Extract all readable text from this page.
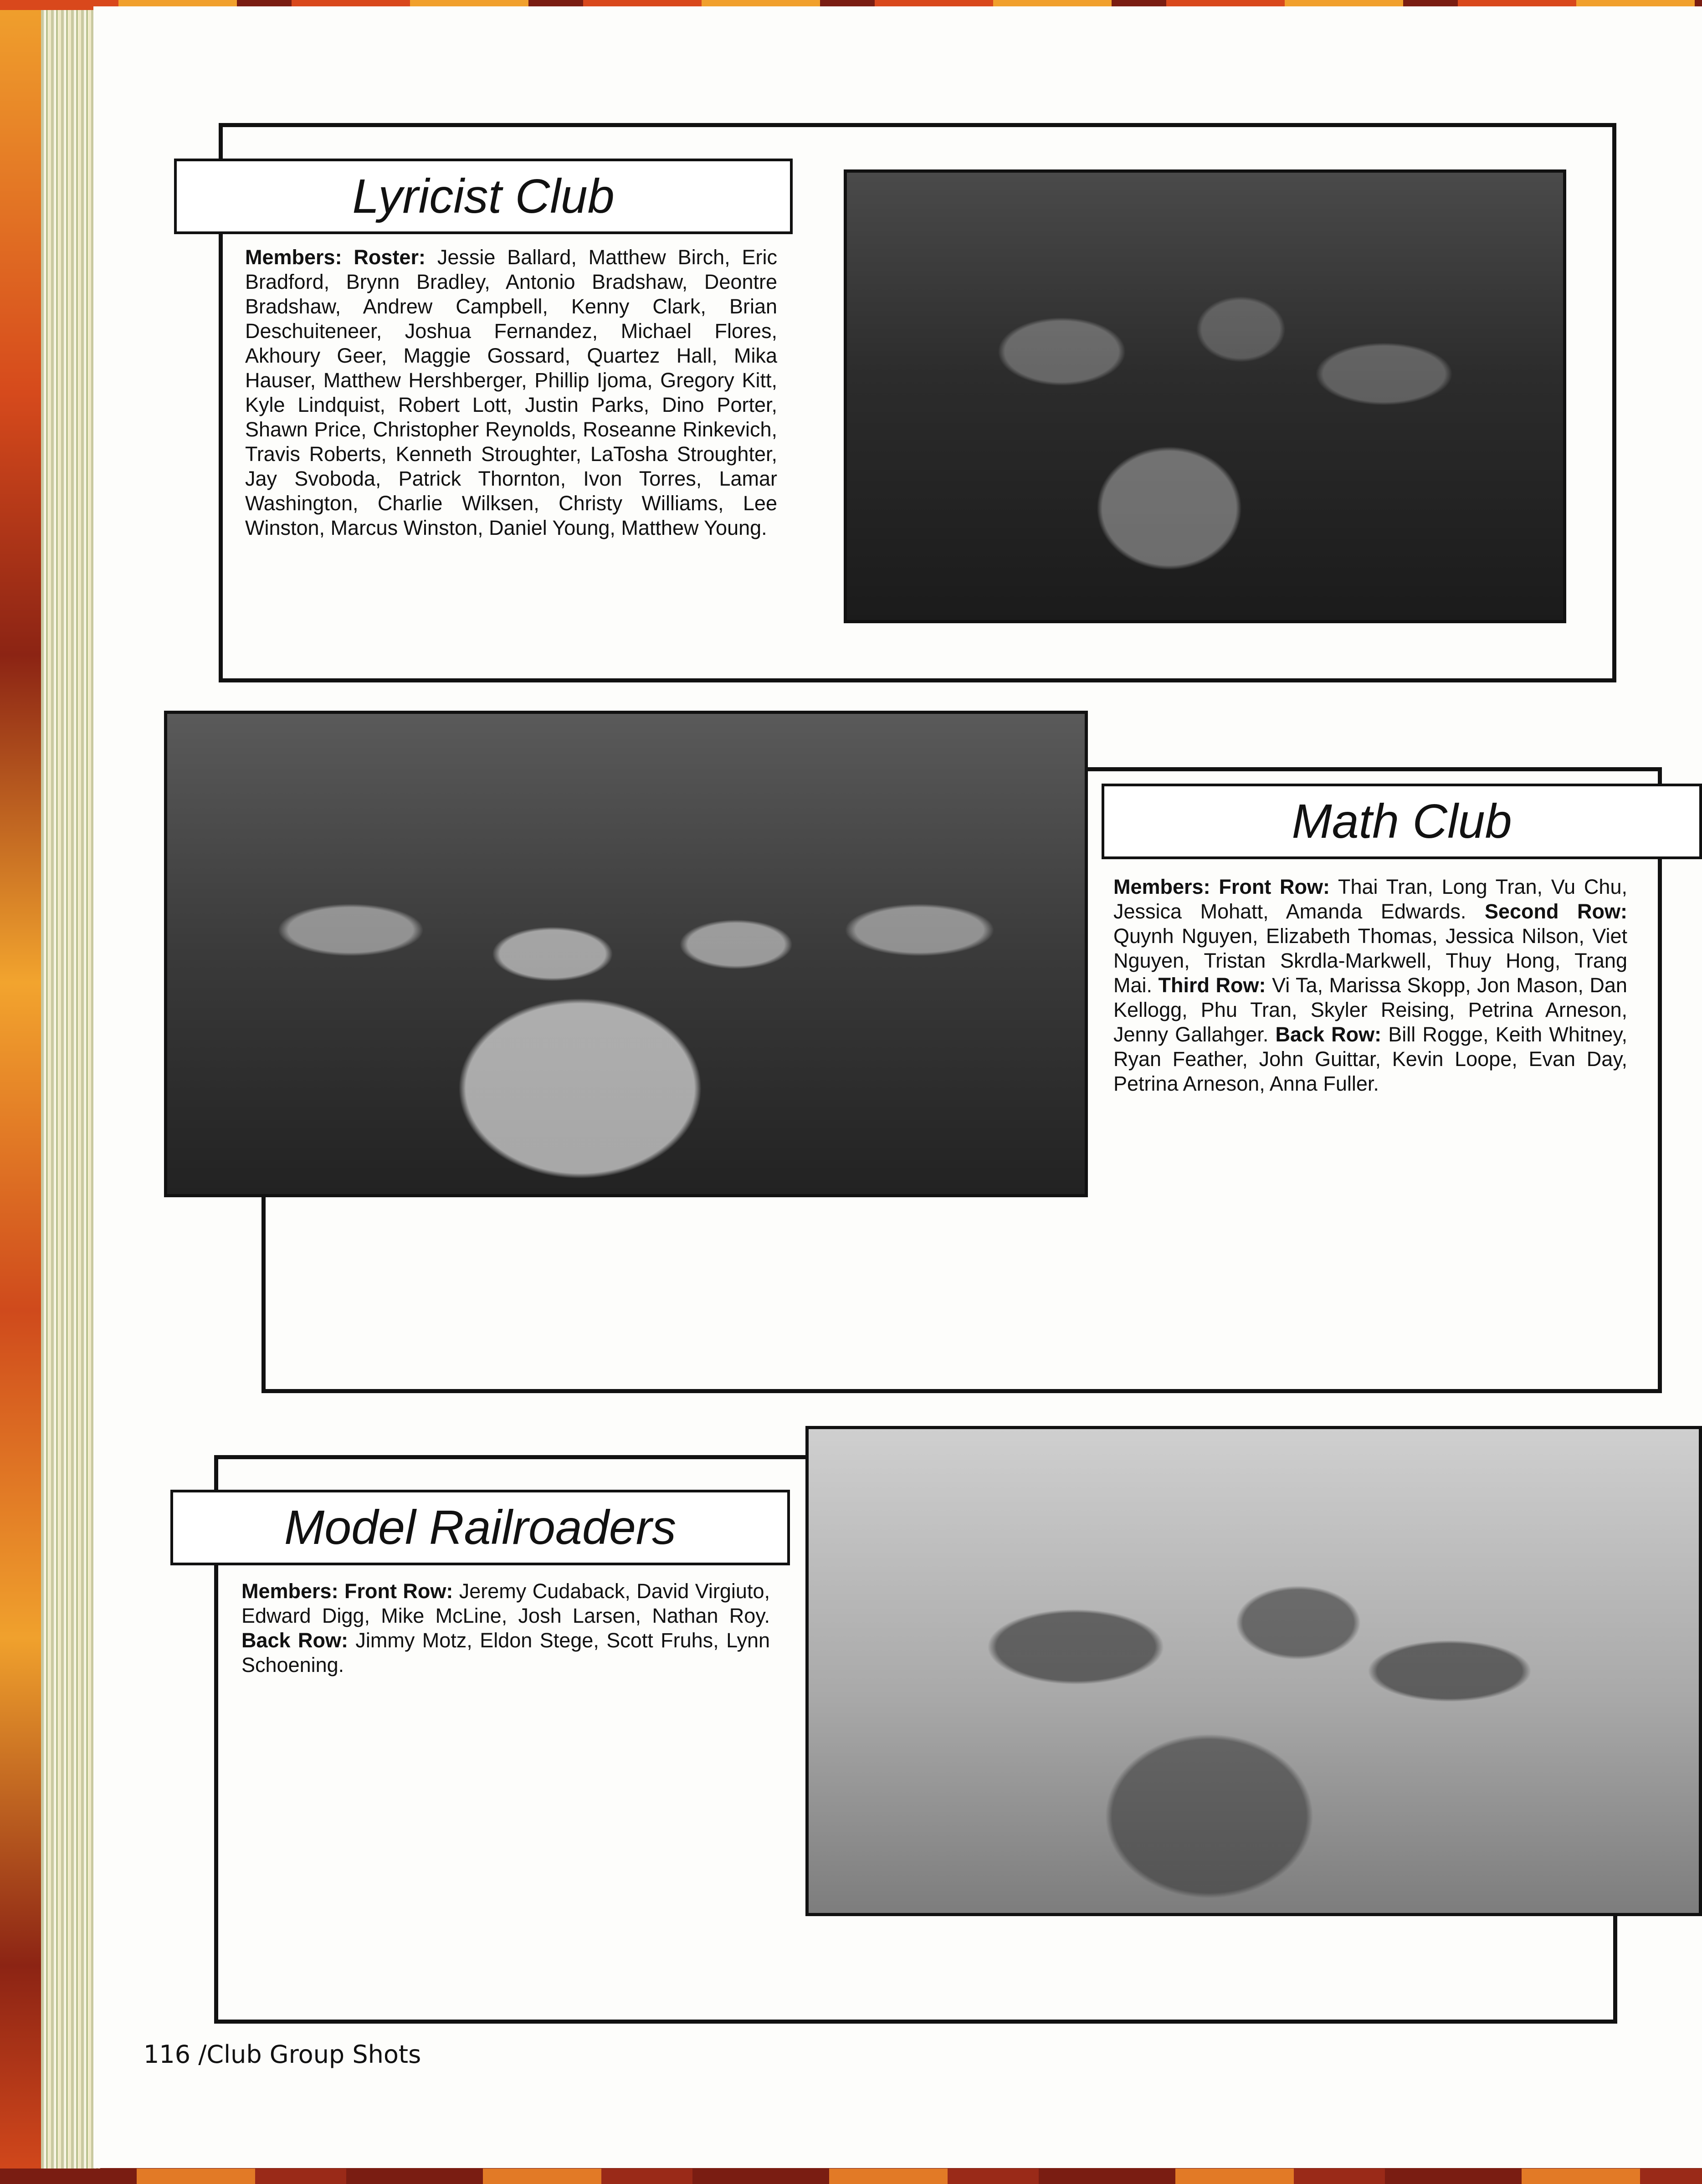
Lyricist Club
Members: Roster: Jessie Ballard, Matthew Birch, Eric Bradford, Brynn Bradley, Antonio Bradshaw, Deontre Bradshaw, Andrew Campbell, Kenny Clark, Brian Deschuiteneer, Joshua Fernandez, Michael Flores, Akhoury Geer, Maggie Gossard, Quartez Hall, Mika Hauser, Matthew Hershberger, Phillip Ijoma, Gregory Kitt, Kyle Lindquist, Robert Lott, Justin Parks, Dino Porter, Shawn Price, Christopher Reynolds, Roseanne Rinkevich, Travis Roberts, Kenneth Stroughter, LaTosha Stroughter, Jay Svoboda, Patrick Thornton, Ivon Torres, Lamar Washington, Charlie Wilksen, Christy Williams, Lee Winston, Marcus Winston, Daniel Young, Matthew Young.
Math Club
Members: Front Row: Thai Tran, Long Tran, Vu Chu, Jessica Mohatt, Amanda Edwards. Second Row: Quynh Nguyen, Elizabeth Thomas, Jessica Nilson, Viet Nguyen, Tristan Skrdla-Markwell, Thuy Hong, Trang Mai. Third Row: Vi Ta, Marissa Skopp, Jon Mason, Dan Kellogg, Phu Tran, Skyler Reising, Petrina Arneson, Jenny Gallahger. Back Row: Bill Rogge, Keith Whitney, Ryan Feather, John Guittar, Kevin Loope, Evan Day, Petrina Arneson, Anna Fuller.
Model Railroaders
Members: Front Row: Jeremy Cudaback, David Virgiuto, Edward Digg, Mike McLine, Josh Larsen, Nathan Roy. Back Row: Jimmy Motz, Eldon Stege, Scott Fruhs, Lynn Schoening.
116 /Club Group Shots
